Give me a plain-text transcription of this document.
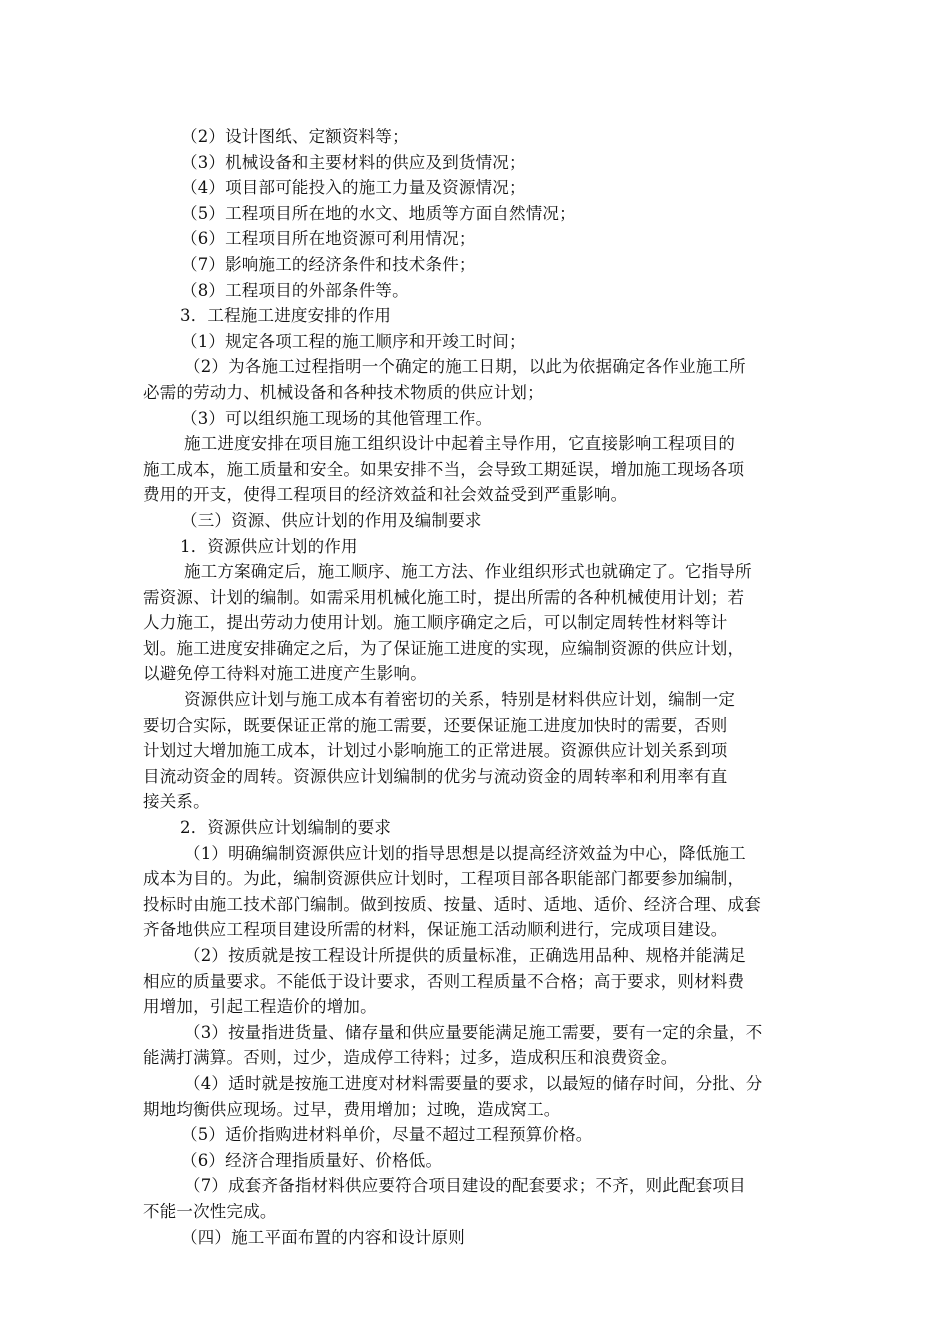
（2）设计图纸、定额资料等；
（3）机械设备和主要材料的供应及到货情况；
（4）项目部可能投入的施工力量及资源情况；
（5）工程项目所在地的水文、地质等方面自然情况；
（6）工程项目所在地资源可利用情况；
（7）影响施工的经济条件和技术条件；
（8）工程项目的外部条件等。
3．工程施工进度安排的作用
（1）规定各项工程的施工顺序和开竣工时间；
（2）为各施工过程指明一个确定的施工日期，以此为依据确定各作业施工所
必需的劳动力、机械设备和各种技术物质的供应计划；
（3）可以组织施工现场的其他管理工作。
施工进度安排在项目施工组织设计中起着主导作用，它直接影响工程项目的
施工成本，施工质量和安全。如果安排不当，会导致工期延误，增加施工现场各项
费用的开支，使得工程项目的经济效益和社会效益受到严重影响。
（三）资源、供应计划的作用及编制要求
1．资源供应计划的作用
施工方案确定后，施工顺序、施工方法、作业组织形式也就确定了。它指导所
需资源、计划的编制。如需采用机械化施工时，提出所需的各种机械使用计划；若
人力施工，提出劳动力使用计划。施工顺序确定之后，可以制定周转性材料等计
划。施工进度安排确定之后，为了保证施工进度的实现，应编制资源的供应计划，
以避免停工待料对施工进度产生影响。
资源供应计划与施工成本有着密切的关系，特别是材料供应计划，编制一定
要切合实际，既要保证正常的施工需要，还要保证施工进度加快时的需要，否则
计划过大增加施工成本，计划过小影响施工的正常进展。资源供应计划关系到项
目流动资金的周转。资源供应计划编制的优劣与流动资金的周转率和利用率有直
接关系。
2．资源供应计划编制的要求
（1）明确编制资源供应计划的指导思想是以提高经济效益为中心，降低施工
成本为目的。为此，编制资源供应计划时，工程项目部各职能部门都要参加编制，
投标时由施工技术部门编制。做到按质、按量、适时、适地、适价、经济合理、成套
齐备地供应工程项目建设所需的材料，保证施工活动顺利进行，完成项目建设。
（2）按质就是按工程设计所提供的质量标准，正确选用品种、规格并能满足
相应的质量要求。不能低于设计要求，否则工程质量不合格；高于要求，则材料费
用增加，引起工程造价的增加。
（3）按量指进货量、储存量和供应量要能满足施工需要，要有一定的余量，不
能满打满算。否则，过少，造成停工待料；过多，造成积压和浪费资金。
（4）适时就是按施工进度对材料需要量的要求，以最短的储存时间，分批、分
期地均衡供应现场。过早，费用增加；过晚，造成窝工。
（5）适价指购进材料单价，尽量不超过工程预算价格。
（6）经济合理指质量好、价格低。
（7）成套齐备指材料供应要符合项目建设的配套要求；不齐，则此配套项目
不能一次性完成。
（四）施工平面布置的内容和设计原则
